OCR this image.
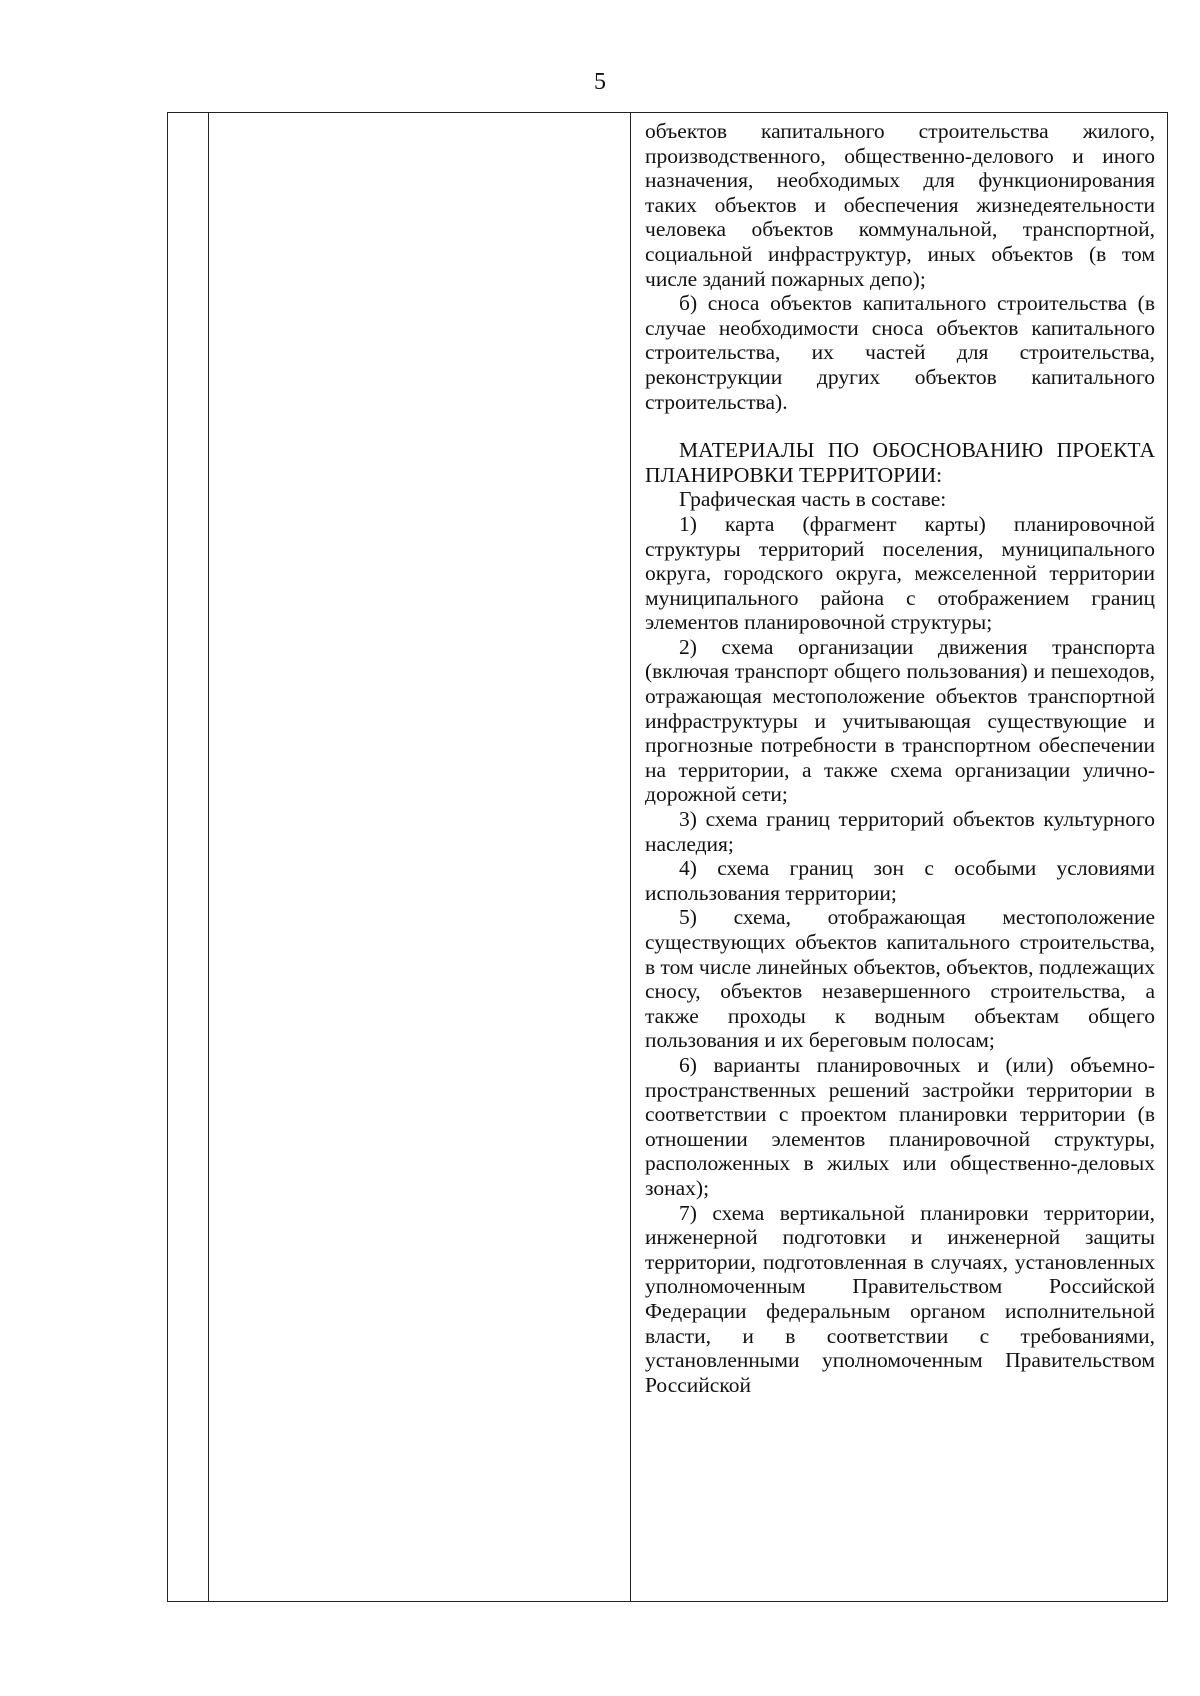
5

объектов капитального строительства жилого, производственного, общественно-делового и иного назначения, необходимых для функционирования таких объектов и обеспечения жизнедеятельности человека объектов коммунальной, транспортной, социальной инфраструктур, иных объектов (в том числе зданий пожарных депо);

б) сноса объектов капитального строительства (в случае необходимости сноса объектов капитального строительства, их частей для строительства, реконструкции других объектов капитального строительства).

МАТЕРИАЛЫ ПО ОБОСНОВАНИЮ ПРОЕКТА ПЛАНИРОВКИ ТЕРРИТОРИИ:

Графическая часть в составе:

1) карта (фрагмент карты) планировочной структуры территорий поселения, муниципального округа, городского округа, межселенной территории муниципального района с отображением границ элементов планировочной структуры;

2) схема организации движения транспорта (включая транспорт общего пользования) и пешеходов, отражающая местоположение объектов транспортной инфраструктуры и учитывающая существующие и прогнозные потребности в транспортном обеспечении на территории, а также схема организации улично-дорожной сети;

3) схема границ территорий объектов культурного наследия;

4) схема границ зон с особыми условиями использования территории;

5) схема, отображающая местоположение существующих объектов капитального строительства, в том числе линейных объектов, объектов, подлежащих сносу, объектов незавершенного строительства, а также проходы к водным объектам общего пользования и их береговым полосам;

6) варианты планировочных и (или) объемно-пространственных решений застройки территории в соответствии с проектом планировки территории (в отношении элементов планировочной структуры, расположенных в жилых или общественно-деловых зонах);

7) схема вертикальной планировки территории, инженерной подготовки и инженерной защиты территории, подготовленная в случаях, установленных уполномоченным Правительством Российской Федерации федеральным органом исполнительной власти, и в соответствии с требованиями, установленными уполномоченным Правительством Российской
